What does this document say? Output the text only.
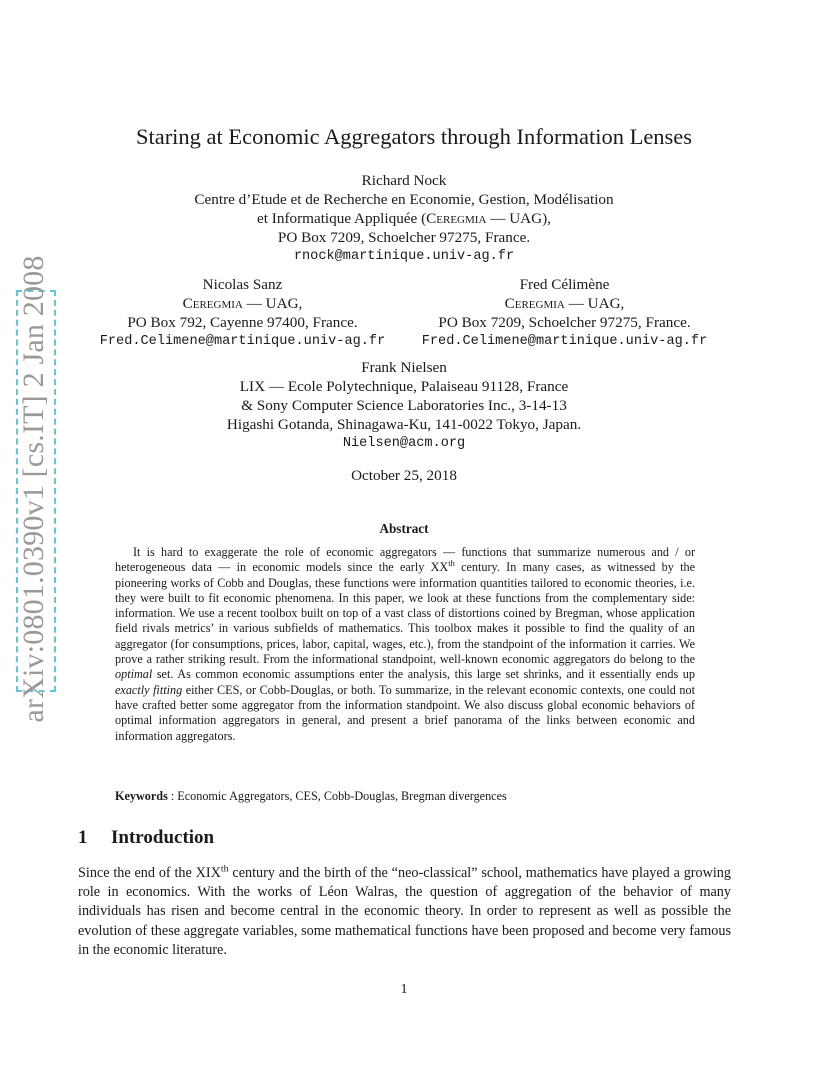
arXiv:0801.0390v1 [cs.IT] 2 Jan 2008
Staring at Economic Aggregators through Information Lenses
Richard Nock
Centre d’Etude et de Recherche en Economie, Gestion, Modélisation
et Informatique Appliquée (Ceregmia — UAG),
PO Box 7209, Schoelcher 97275, France.
rnock@martinique.univ-ag.fr
Nicolas Sanz
Ceregmia — UAG,
PO Box 792, Cayenne 97400, France.
Fred.Celimene@martinique.univ-ag.fr
Fred Célimène
Ceregmia — UAG,
PO Box 7209, Schoelcher 97275, France.
Fred.Celimene@martinique.univ-ag.fr
Frank Nielsen
LIX — Ecole Polytechnique, Palaiseau 91128, France
& Sony Computer Science Laboratories Inc., 3-14-13
Higashi Gotanda, Shinagawa-Ku, 141-0022 Tokyo, Japan.
Nielsen@acm.org
October 25, 2018
Abstract

It is hard to exaggerate the role of economic aggregators — functions that summarize numerous and / or heterogeneous data — in economic models since the early XXth century. In many cases, as witnessed by the pioneering works of Cobb and Douglas, these functions were information quantities tailored to economic theories, i.e. they were built to fit economic phenomena. In this paper, we look at these functions from the complementary side: information. We use a recent toolbox built on top of a vast class of distortions coined by Bregman, whose application field rivals metrics’ in various subfields of mathematics. This toolbox makes it possible to find the quality of an aggregator (for consumptions, prices, labor, capital, wages, etc.), from the standpoint of the information it carries. We prove a rather striking result. From the informational standpoint, well-known economic aggregators do belong to the optimal set. As common economic assumptions enter the analysis, this large set shrinks, and it essentially ends up exactly fitting either CES, or Cobb-Douglas, or both. To summarize, in the relevant economic contexts, one could not have crafted better some aggregator from the information standpoint. We also discuss global economic behaviors of optimal information aggregators in general, and present a brief panorama of the links between economic and information aggregators.

Keywords : Economic Aggregators, CES, Cobb-Douglas, Bregman divergences
1 Introduction

Since the end of the XIXth century and the birth of the “neo-classical” school, mathematics have played a growing role in economics. With the works of Léon Walras, the question of aggregation of the behavior of many individuals has risen and become central in the economic theory. In order to represent as well as possible the evolution of these aggregate variables, some mathematical functions have been proposed and become very famous in the economic literature.

1
